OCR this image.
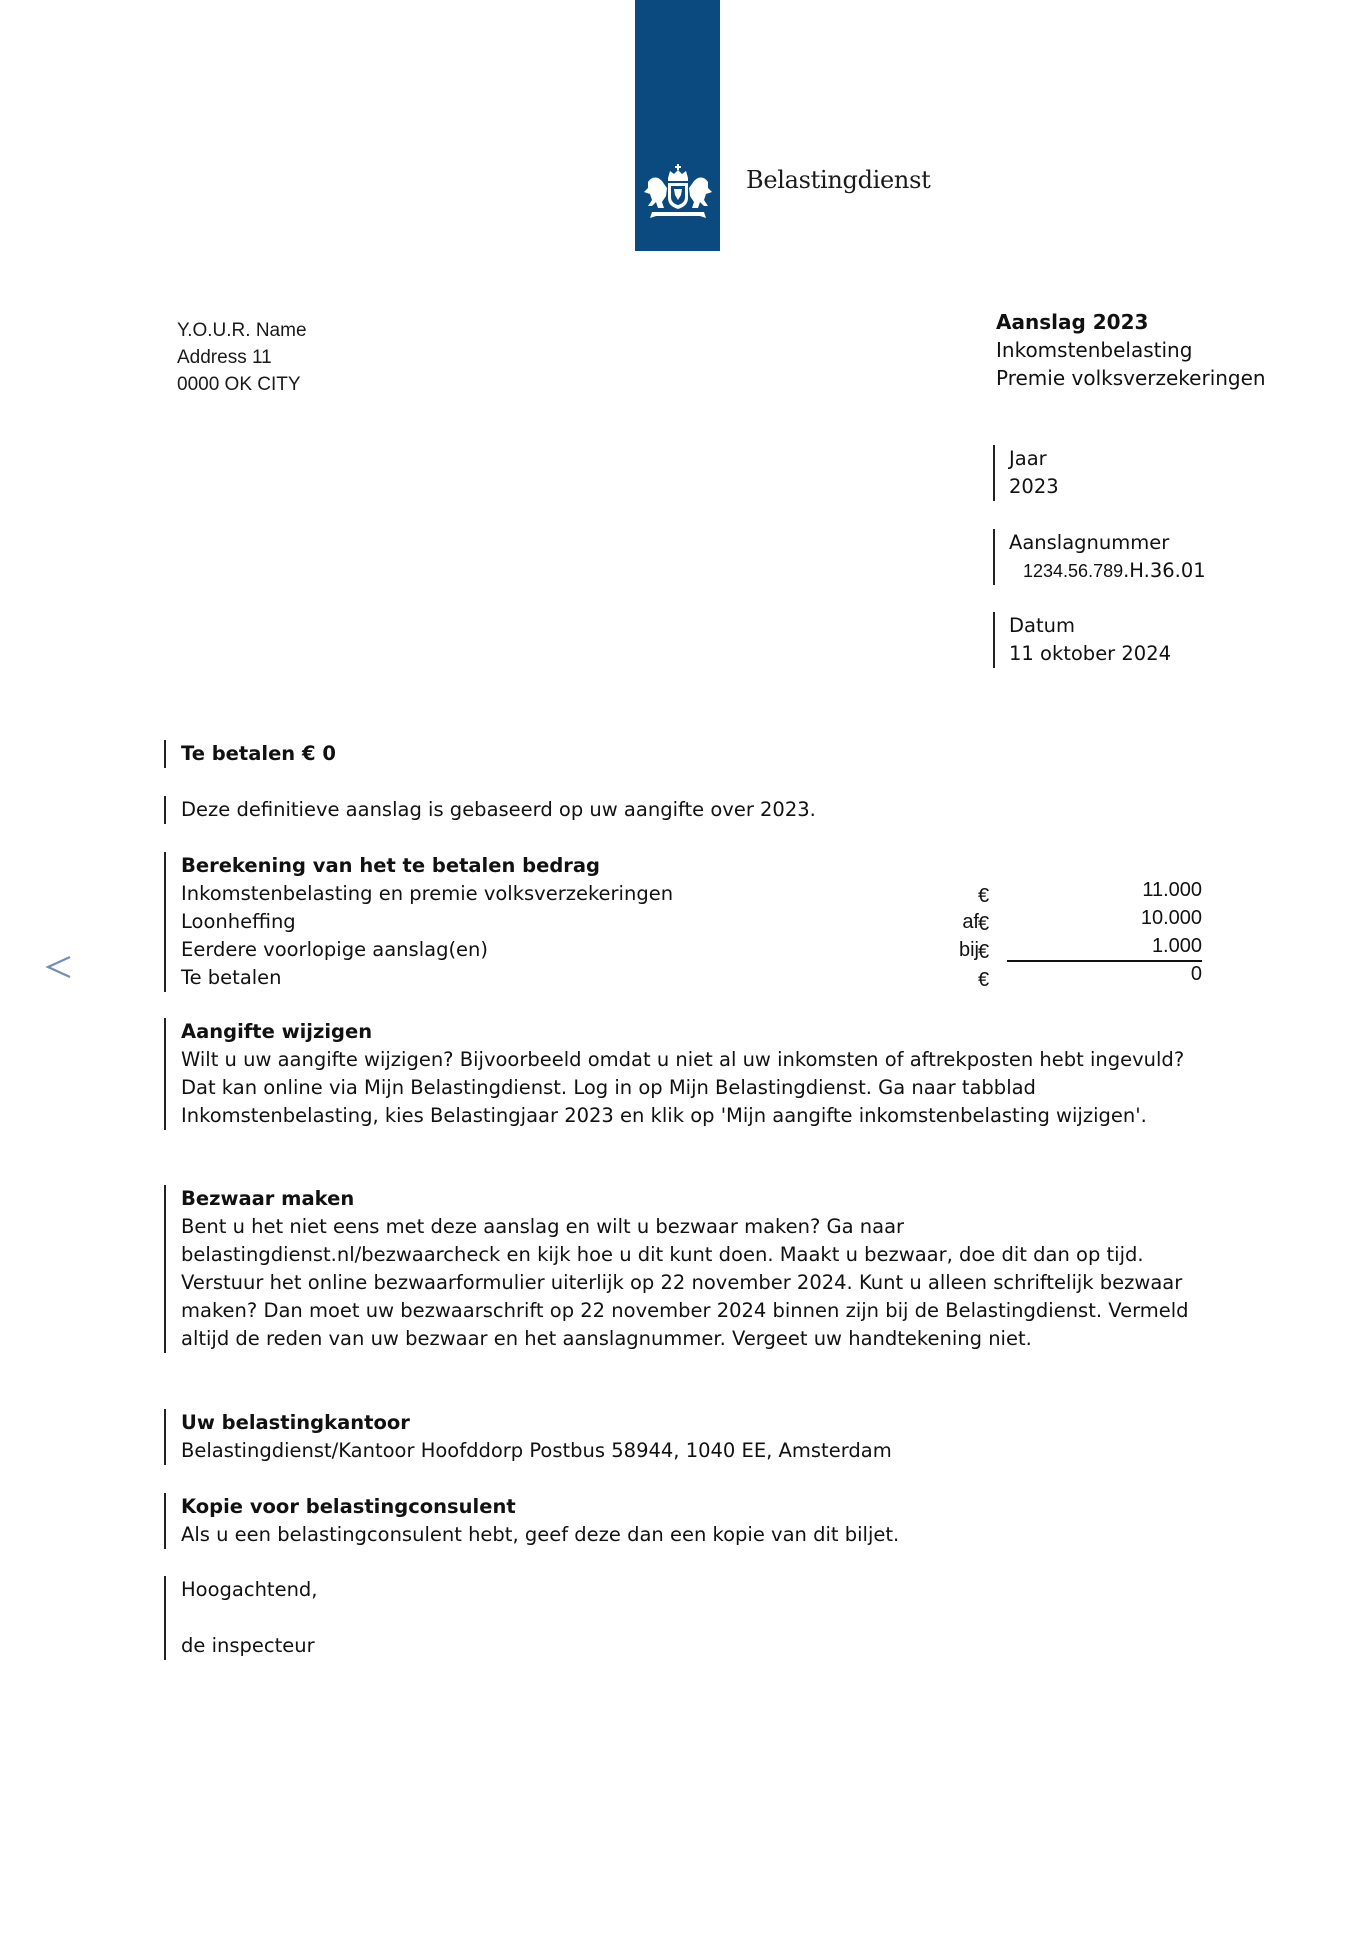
Belastingdienst
Y.O.U.R. Name
Address 11
0000 OK CITY
Aanslag 2023
Inkomstenbelasting
Premie volksverzekeringen
Jaar
2023
Aanslagnummer
1234.56.789.H.36.01
Datum
11 oktober 2024
Te betalen € 0
Deze definitieve aanslag is gebaseerd op uw aangifte over 2023.
Berekening van het te betalen bedrag
Inkomstenbelasting en premie volksverzekeringen	€	11.000
Loonheffing	af €	10.000
Eerdere voorlopige aanslag(en)	bij €	1.000
Te betalen	€	0
Aangifte wijzigen
Wilt u uw aangifte wijzigen? Bijvoorbeeld omdat u niet al uw inkomsten of aftrekposten hebt ingevuld? Dat kan online via Mijn Belastingdienst. Log in op Mijn Belastingdienst. Ga naar tabblad Inkomstenbelasting, kies Belastingjaar 2023 en klik op 'Mijn aangifte inkomstenbelasting wijzigen'.
Bezwaar maken
Bent u het niet eens met deze aanslag en wilt u bezwaar maken? Ga naar belastingdienst.nl/bezwaarcheck en kijk hoe u dit kunt doen. Maakt u bezwaar, doe dit dan op tijd. Verstuur het online bezwaarformulier uiterlijk op 22 november 2024. Kunt u alleen schriftelijk bezwaar maken? Dan moet uw bezwaarschrift op 22 november 2024 binnen zijn bij de Belastingdienst. Vermeld altijd de reden van uw bezwaar en het aanslagnummer. Vergeet uw handtekening niet.
Uw belastingkantoor
Belastingdienst/Kantoor Hoofddorp Postbus 58944, 1040 EE, Amsterdam
Kopie voor belastingconsulent
Als u een belastingconsulent hebt, geef deze dan een kopie van dit biljet.
Hoogachtend,
de inspecteur
